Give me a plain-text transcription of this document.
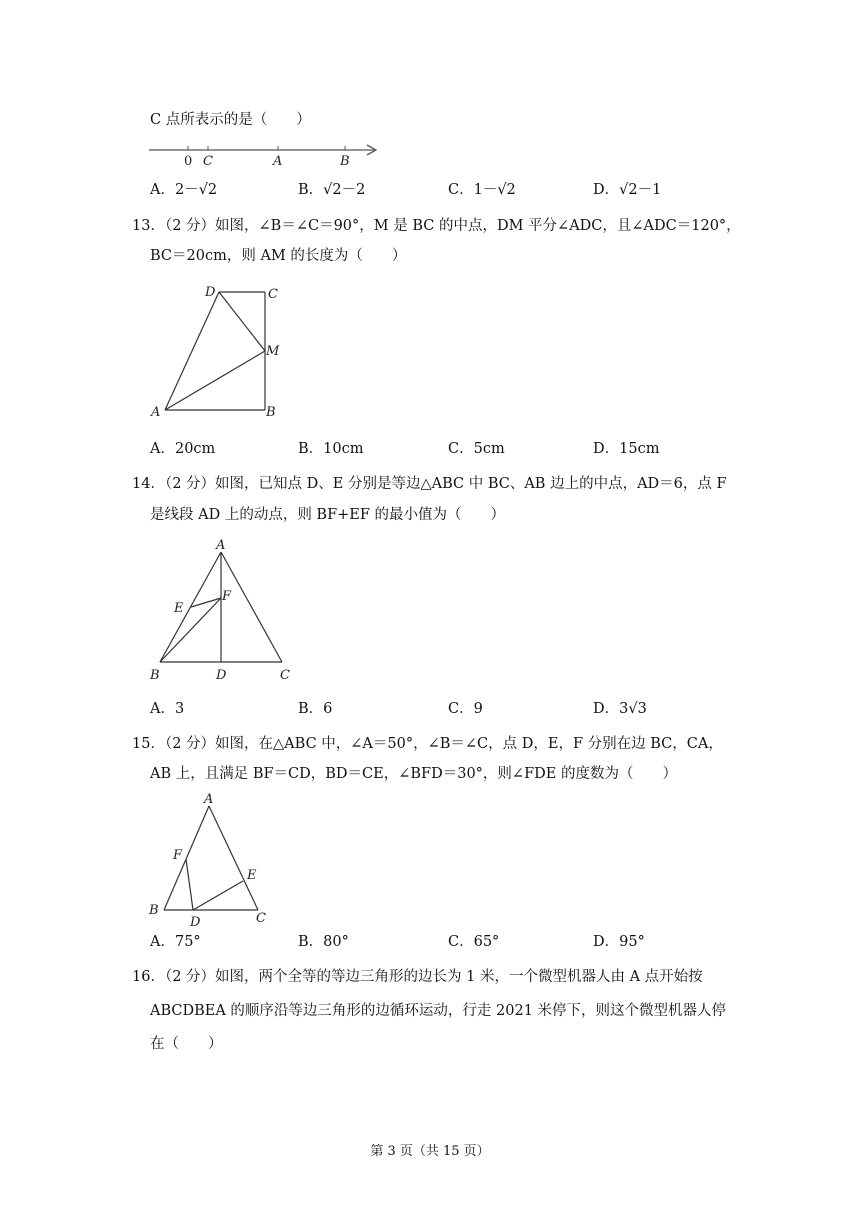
C 点所表示的是（　　）
0 C	A	B
A．2－√2	B．√2－2	C．1－√2	D．√2－1
13．（2 分）如图，∠B＝∠C＝90°，M 是 BC 的中点，DM 平分∠ADC，且∠ADC＝120°，
BC＝20cm，则 AM 的长度为（　　）
D	C
M
A	B
A．20cm	B．10cm	C．5cm	D．15cm
14．（2 分）如图，已知点 D、E 分别是等边△ABC 中 BC、AB 边上的中点，AD＝6，点 F
是线段 AD 上的动点，则 BF+EF 的最小值为（　　）
A
E
F
B	D	C
A．3	B．6	C．9	D．3√3
15．（2 分）如图，在△ABC 中，∠A＝50°，∠B＝∠C，点 D，E，F 分别在边 BC，CA，
AB 上，且满足 BF＝CD，BD＝CE，∠BFD＝30°，则∠FDE 的度数为（　　）
A
F
E
B
D	C
A．75°	B．80°	C．65°	D．95°
16．（2 分）如图，两个全等的等边三角形的边长为 1 米，一个微型机器人由 A 点开始按
ABCDBEA 的顺序沿等边三角形的边循环运动，行走 2021 米停下，则这个微型机器人停
在（　　）
第 3 页（共 15 页）
